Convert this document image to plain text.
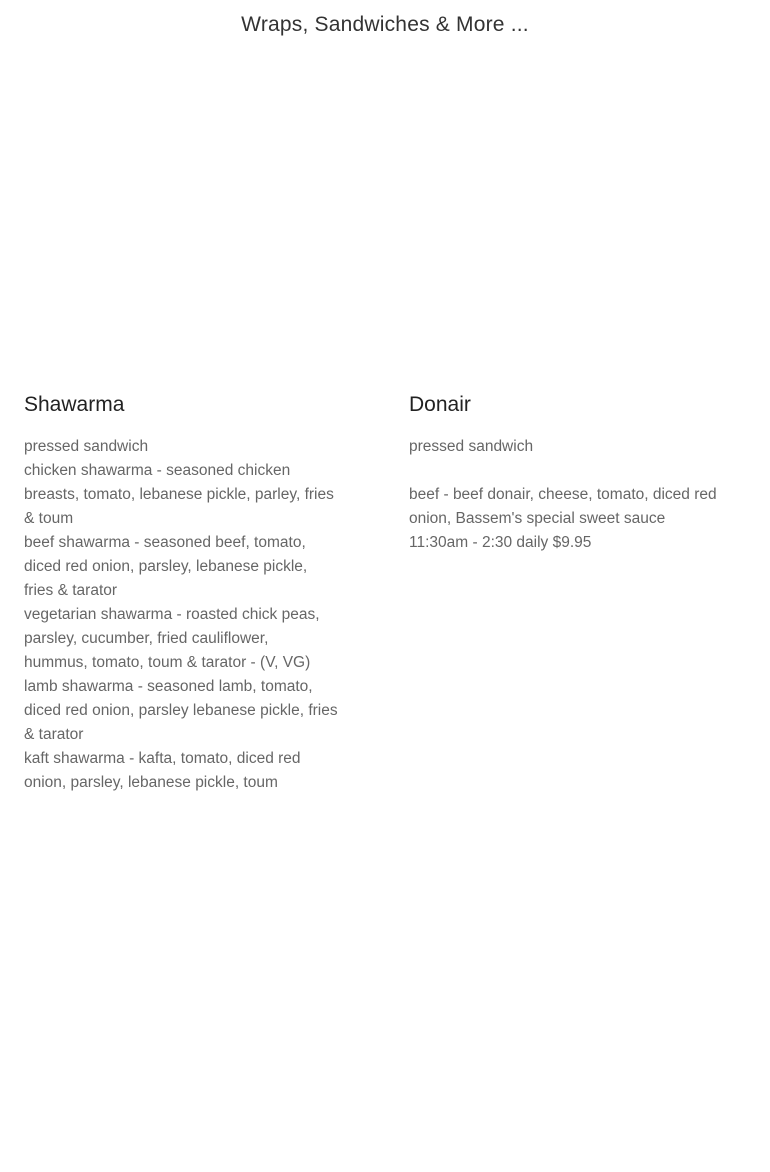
Wraps, Sandwiches & More ...
Shawarma

pressed sandwich

chicken shawarma - seasoned chicken

breasts, tomato, lebanese pickle, parley, fries

& toum

beef shawarma - seasoned beef, tomato,

diced red onion, parsley, lebanese pickle,

fries & tarator

vegetarian shawarma - roasted chick peas,

parsley, cucumber, fried cauliflower,

hummus, tomato, toum & tarator - (V, VG)

lamb shawarma - seasoned lamb, tomato,

diced red onion, parsley lebanese pickle, fries

& tarator

kaft shawarma - kafta, tomato, diced red

onion, parsley, lebanese pickle, toum

Donair

pressed sandwich

beef - beef donair, cheese, tomato, diced red

onion, Bassem's special sweet sauce

11:30am - 2:30 daily $9.95
